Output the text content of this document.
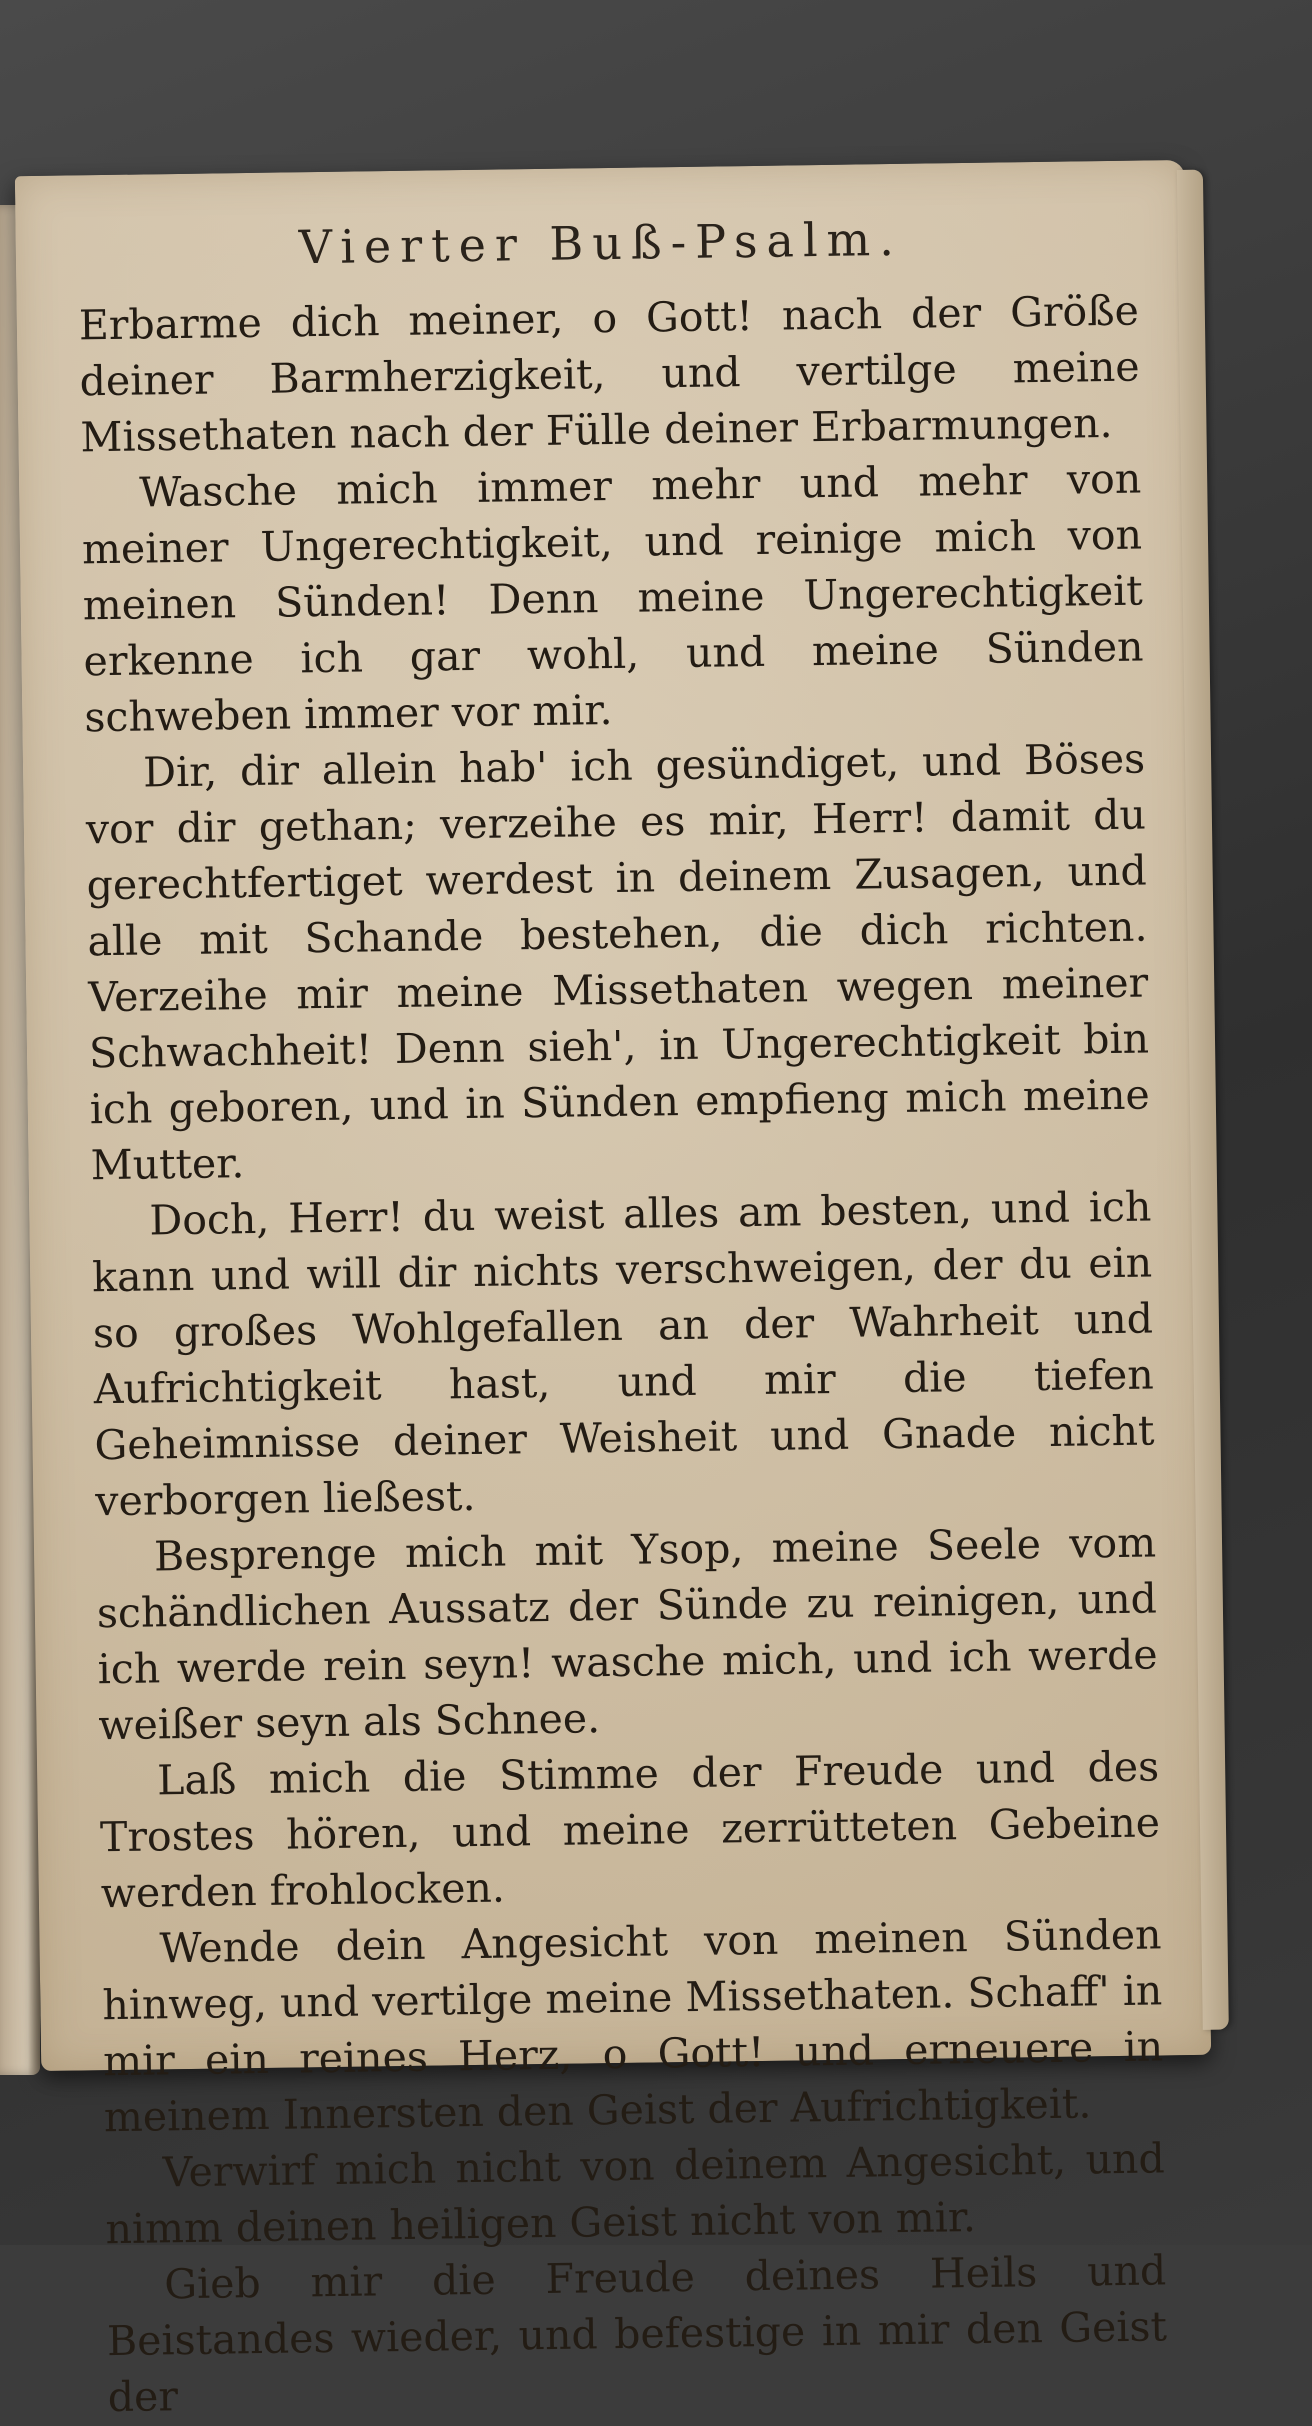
Vierter Buß-Psalm.

Erbarme dich meiner, o Gott! nach der Größe deiner Barmherzigkeit, und vertilge meine Missethaten nach der Fülle deiner Erbarmungen.

Wasche mich immer mehr und mehr von meiner Ungerechtigkeit, und reinige mich von meinen Sünden! Denn meine Ungerechtigkeit erkenne ich gar wohl, und meine Sünden schweben immer vor mir.

Dir, dir allein hab' ich gesündiget, und Böses vor dir gethan; verzeihe es mir, Herr! damit du gerechtfertiget werdest in deinem Zusagen, und alle mit Schande bestehen, die dich richten. Verzeihe mir meine Missethaten wegen meiner Schwachheit! Denn sieh', in Ungerechtigkeit bin ich geboren, und in Sünden empfieng mich meine Mutter.

Doch, Herr! du weist alles am besten, und ich kann und will dir nichts verschweigen, der du ein so großes Wohlgefallen an der Wahrheit und Aufrichtigkeit hast, und mir die tiefen Geheimnisse deiner Weisheit und Gnade nicht verborgen ließest.

Besprenge mich mit Ysop, meine Seele vom schändlichen Aussatz der Sünde zu reinigen, und ich werde rein seyn! wasche mich, und ich werde weißer seyn als Schnee.

Laß mich die Stimme der Freude und des Trostes hören, und meine zerrütteten Gebeine werden frohlocken.

Wende dein Angesicht von meinen Sünden hinweg, und vertilge meine Missethaten. Schaff' in mir ein reines Herz, o Gott! und erneuere in meinem Innersten den Geist der Aufrichtigkeit.

Verwirf mich nicht von deinem Angesicht, und nimm deinen heiligen Geist nicht von mir.

Gieb mir die Freude deines Heils und Beistandes wieder, und befestige in mir den Geist der
